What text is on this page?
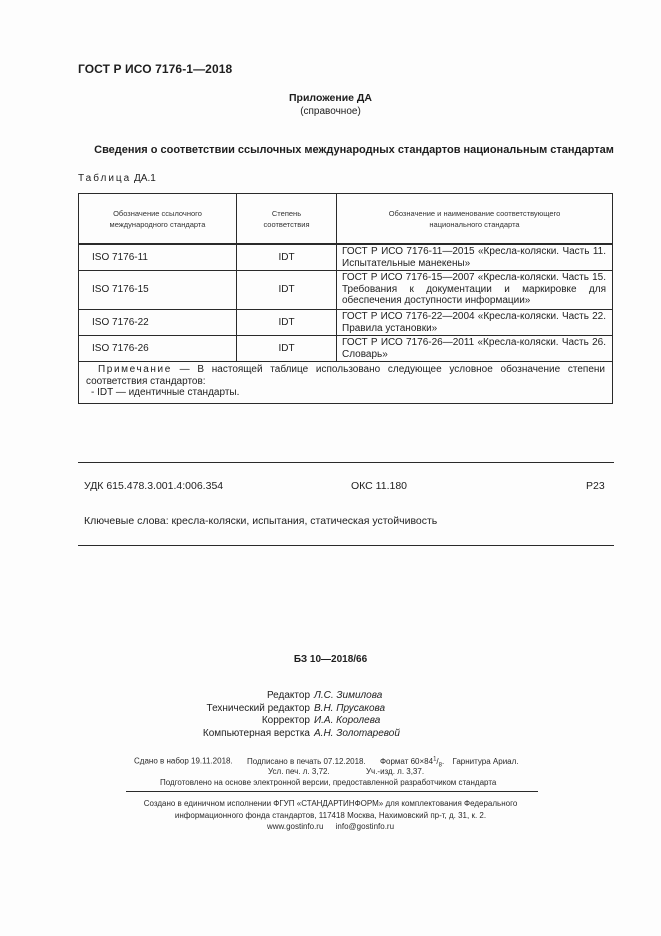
ГОСТ Р ИСО 7176-1—2018
Приложение ДА
(справочное)
Сведения о соответствии ссылочных международных стандартов национальным стандартам
Таблица ДА.1
Обозначение ссылочного международного стандарта	Степень соответствия	Обозначение и наименование соответствующего национального стандарта
ISO 7176-11	IDT	ГОСТ Р ИСО 7176-11—2015 «Кресла-коляски. Часть 11. Испытательные манекены»
ISO 7176-15	IDT	ГОСТ Р ИСО 7176-15—2007 «Кресла-коляски. Часть 15. Требования к документации и маркировке для обеспечения доступности информации»
ISO 7176-22	IDT	ГОСТ Р ИСО 7176-22—2004 «Кресла-коляски. Часть 22. Правила установки»
ISO 7176-26	IDT	ГОСТ Р ИСО 7176-26—2011 «Кресла-коляски. Часть 26. Словарь»
Примечание — В настоящей таблице использовано следующее условное обозначение степени соответствия стандартов:
- IDT — идентичные стандарты.		
УДК 615.478.3.001.4:006.354	ОКС 11.180	Р23
Ключевые слова: кресла-коляски, испытания, статическая устойчивость
БЗ 10—2018/66
Редактор Л.С. Зимилова
Технический редактор В.Н. Прусакова
Корректор И.А. Королева
Компьютерная верстка А.Н. Золотаревой
Сдано в набор 19.11.2018. Подписано в печать 07.12.2018. Формат $60\times 84^1/_8$. Гарнитура Ариал.
Усл. печ. л. 3,72.	Уч.-изд. л. 3,37.
Подготовлено на основе электронной версии, предоставленной разработчиком стандарта
Создано в единичном исполнении ФГУП «СТАНДАРТИНФОРМ» для комплектования Федерального
информационного фонда стандартов, 117418 Москва, Нахимовский пр-т, д. 31, к. 2.
www.gostinfo.ru info@gostinfo.ru
